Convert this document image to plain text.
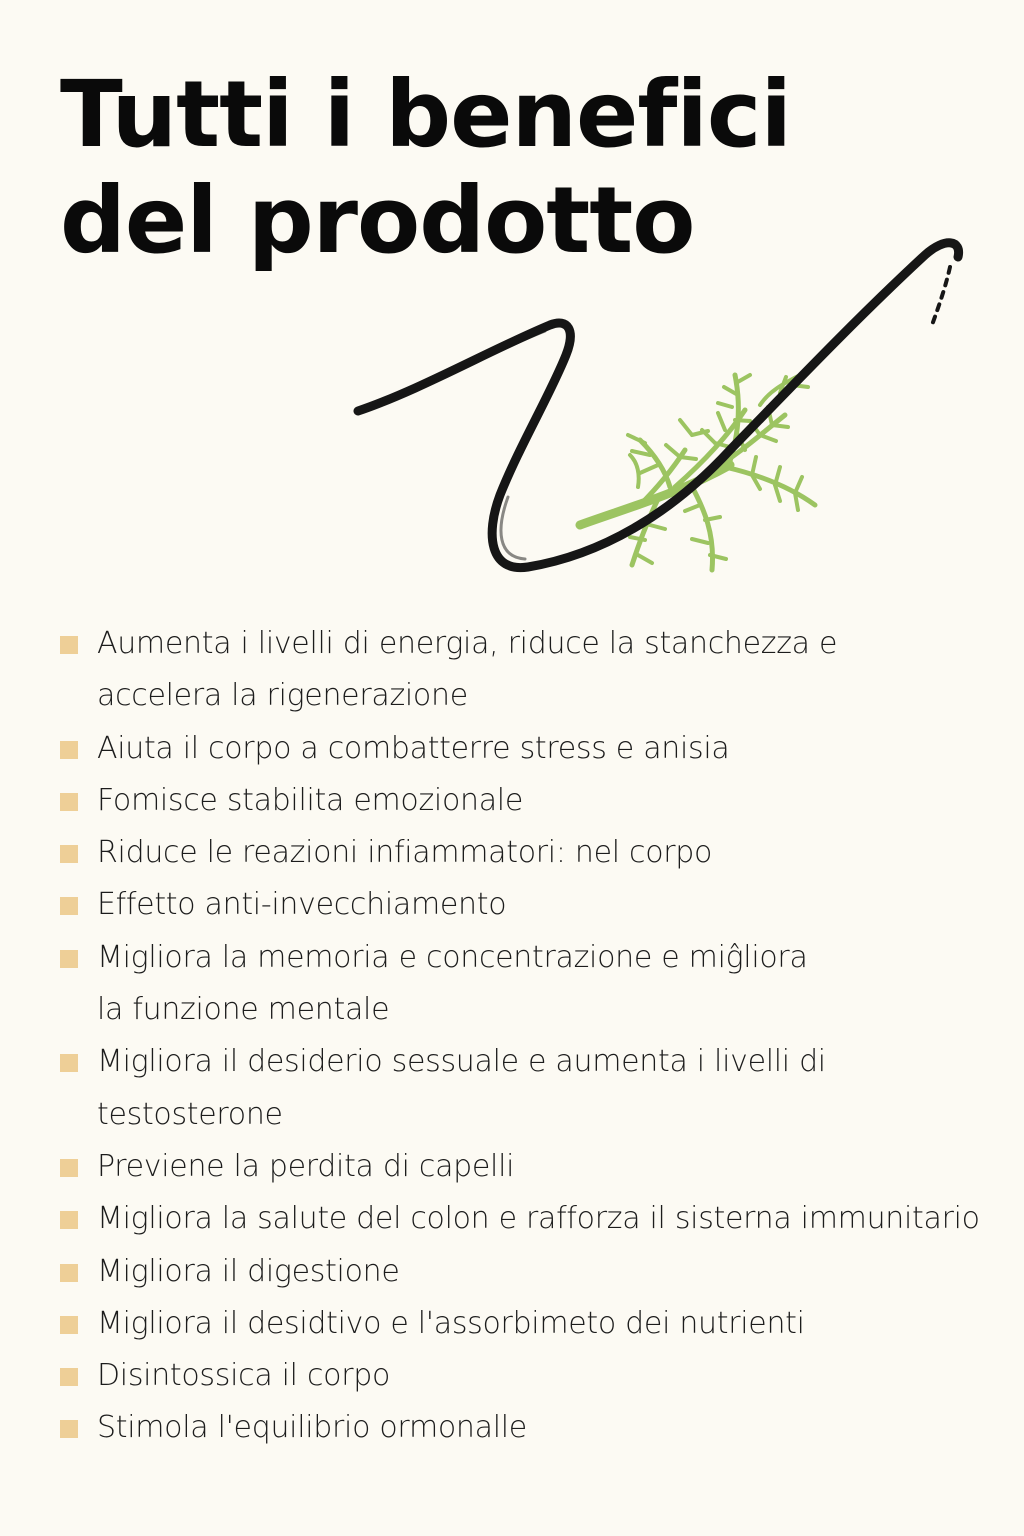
Tutti i benefici
del prodotto
Aumenta i livelli di energia, riduce la stanchezza e
accelera la rigenerazione
Aiuta il corpo a combatterre stress e anisia
Fomisce stabilita emozionale
Riduce le reazioni infiammatori: nel corpo
Effetto anti-invecchiamento
Migliora la memoria e concentrazione e miĝliora
la funzione mentale
Migliora il desiderio sessuale e aumenta i livelli di
testosterone
Previene la perdita di capelli
Migliora la salute del colon e rafforza il sisterna immunitario
Migliora il digestione
Migliora il desidtivo e l'assorbimeto dei nutrienti
Disintossica il corpo
Stimola l'equilibrio ormonalle
